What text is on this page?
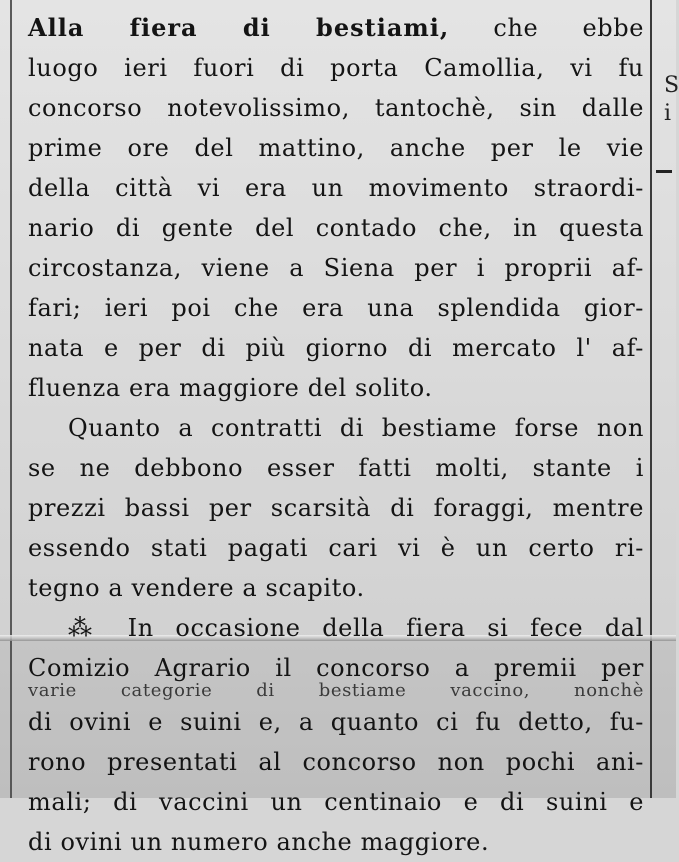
S
i
Alla fiera di bestiami, che ebbe
luogo ieri fuori di porta Camollia, vi fu
concorso notevolissimo, tantochè, sin dalle
prime ore del mattino, anche per le vie
della città vi era un movimento straordi-
nario di gente del contado che, in questa
circostanza, viene a Siena per i proprii af-
fari; ieri poi che era una splendida gior-
nata e per di più giorno di mercato l' af-
fluenza era maggiore del solito.
Quanto a contratti di bestiame forse non
se ne debbono esser fatti molti, stante i
prezzi bassi per scarsità di foraggi, mentre
essendo stati pagati cari vi è un certo ri-
tegno a vendere a scapito.
⁂ In occasione della fiera si fece dal
Comizio Agrario il concorso a premii per
varie categorie di bestiame vaccino, nonchè
di ovini e suini e, a quanto ci fu detto, fu-
rono presentati al concorso non pochi ani-
mali; di vaccini un centinaio e di suini e
di ovini un numero anche maggiore.
